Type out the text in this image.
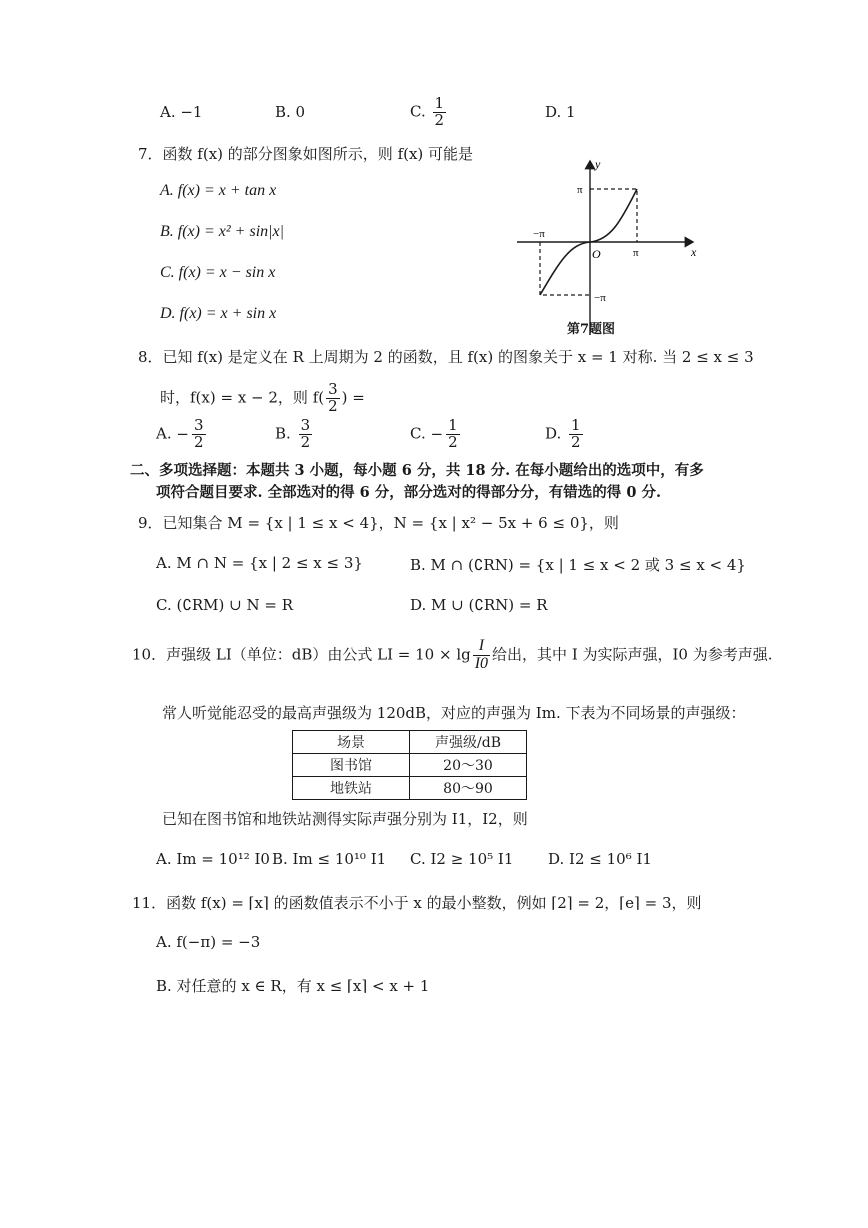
A. −1	B. 0	C. $\frac{1}{2}$	D. 1
7．函数 f(x) 的部分图象如图所示，则 f(x) 可能是
A. f(x) = x + tan x
B. f(x) = x² + sin|x|
C. f(x) = x − sin x
D. f(x) = x + sin x
y
x
O
π
π
−π
−π
第7题图
8．已知 f(x) 是定义在 R 上周期为 2 的函数，且 f(x) 的图象关于 x = 1 对称. 当 2 ≤ x ≤ 3
时，f(x) = x − 2，则 $f( \frac{3}{2}$ ) =
A. − $\frac{3}{2}$	B. $\frac{3}{2}$	C. − $\frac{1}{2}$	D. $\frac{1}{2}$
二、多项选择题：本题共 3 小题，每小题 6 分，共 18 分. 在每小题给出的选项中，有多
项符合题目要求. 全部选对的得 6 分，部分选对的得部分分，有错选的得 0 分.
9．已知集合 M = {x | 1 ≤ x < 4}，N = {x | x² − 5x + 6 ≤ 0}，则
A. M ∩ N = {x | 2 ≤ x ≤ 3}	B. M ∩ (∁RN) = {x | 1 ≤ x < 2 或 3 ≤ x < 4}
C. (∁RM) ∪ N = R	D. M ∪ (∁RN) = R
10．声强级 LI（单位：dB）由公式 LI = $10 \times \lg \frac{I}{I0}$ 给出，其中 I 为实际声强，I0 为参考声强.
常人听觉能忍受的最高声强级为 120dB，对应的声强为 Im. 下表为不同场景的声强级：
场景	声强级/dB
图书馆	20～30
地铁站	80～90
已知在图书馆和地铁站测得实际声强分别为 I1，I2，则
A. Im = 10¹² I0 B. Im ≤ 10¹⁰ I1 C. I2 ≥ 10⁵ I1 D. I2 ≤ 10⁶ I1
11．函数 f(x) = ⌈x⌉ 的函数值表示不小于 x 的最小整数，例如 ⌈2⌉ = 2，⌈e⌉ = 3，则
A. f(−π) = −3
B. 对任意的 x ∈ R，有 x ≤ ⌈x⌉ < x + 1
